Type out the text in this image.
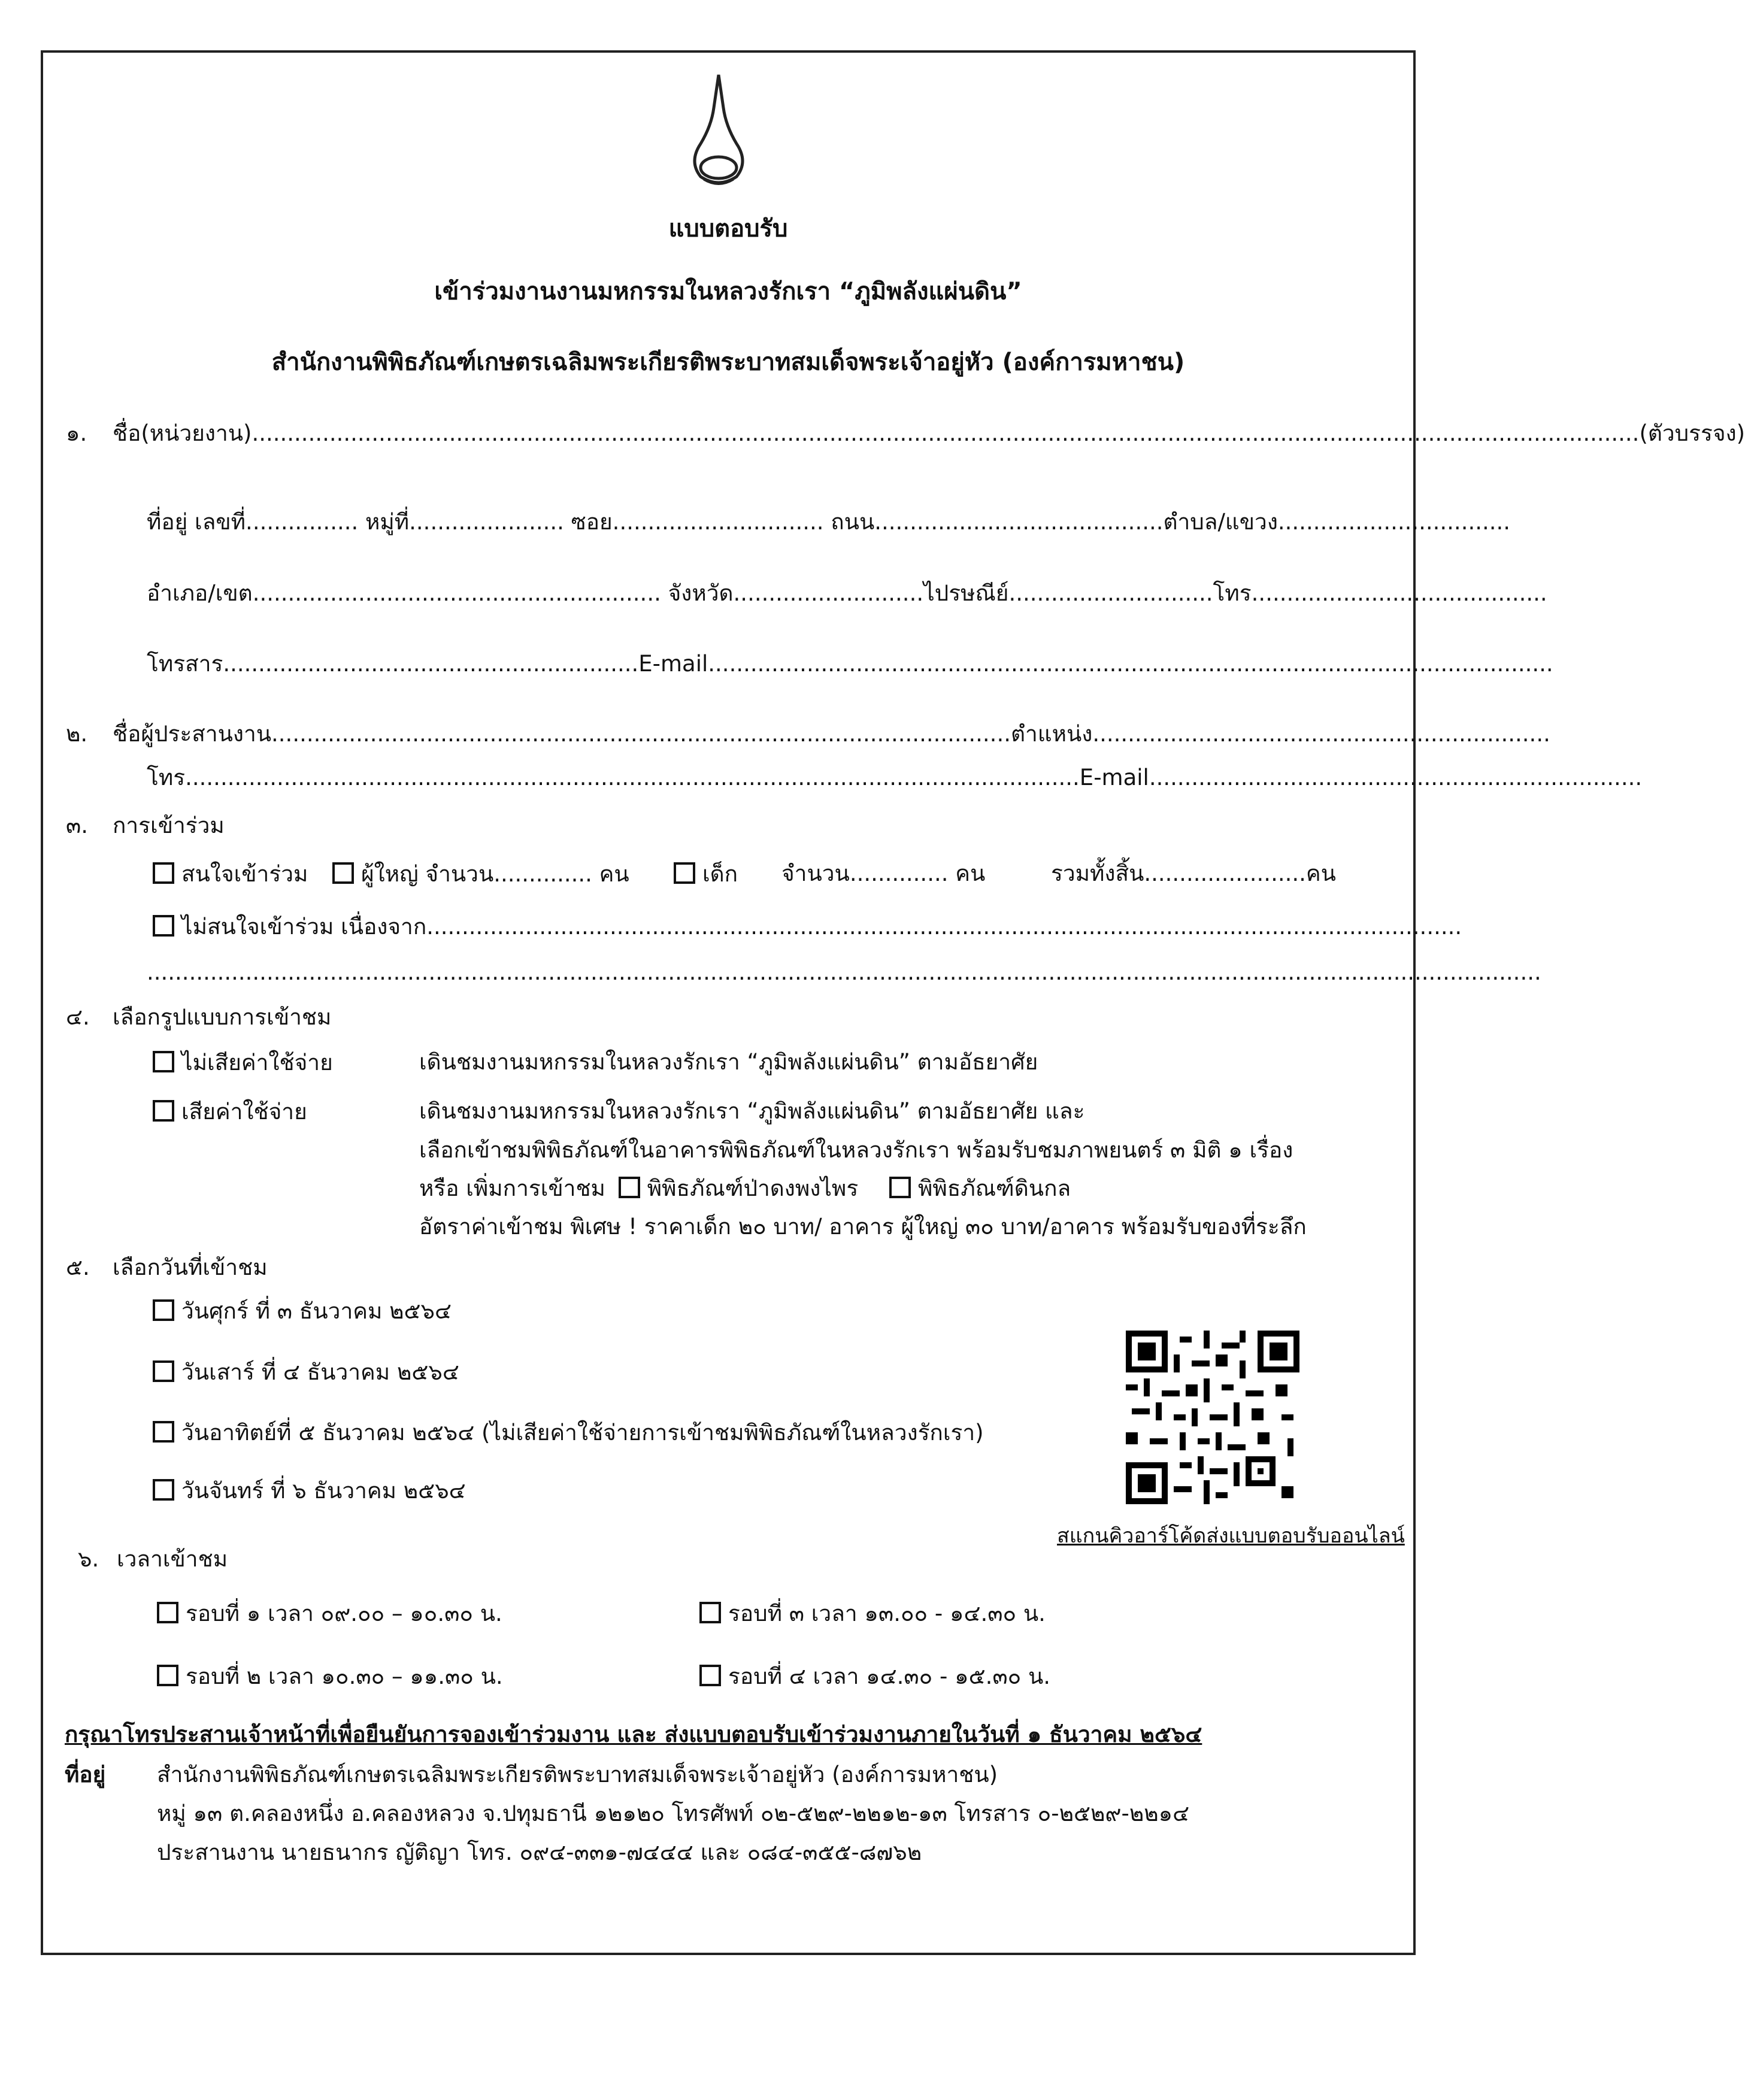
แบบตอบรับ
เข้าร่วมงานงานมหกรรมในหลวงรักเรา “ภูมิพลังแผ่นดิน”
สำนักงานพิพิธภัณฑ์เกษตรเฉลิมพระเกียรติพระบาทสมเด็จพระเจ้าอยู่หัว (องค์การมหาชน)
๑. ชื่อ(หน่วยงาน).....................................................................................................................................................................................................(ตัวบรรจง)
ที่อยู่ เลขที่................ หมู่ที่...................... ซอย.............................. ถนน.........................................ตำบล/แขวง.................................
อำเภอ/เขต.......................................................... จังหวัด...........................ไปรษณีย์.............................โทร..........................................
โทรสาร...........................................................E-mail........................................................................................................................
๒. ชื่อผู้ประสานงาน.........................................................................................................ตำแหน่ง.................................................................
โทร...............................................................................................................................E-mail......................................................................
๓. การเข้าร่วม
สนใจเข้าร่วม	ผู้ใหญ่ จำนวน.............. คน	เด็ก จำนวน.............. คน	รวมทั้งสิ้น.......................คน
ไม่สนใจเข้าร่วม เนื่องจาก...................................................................................................................................................
......................................................................................................................................................................................................
๔. เลือกรูปแบบการเข้าชม
ไม่เสียค่าใช้จ่าย	เดินชมงานมหกรรมในหลวงรักเรา “ภูมิพลังแผ่นดิน” ตามอัธยาศัย
เสียค่าใช้จ่าย	เดินชมงานมหกรรมในหลวงรักเรา “ภูมิพลังแผ่นดิน” ตามอัธยาศัย และ
เลือกเข้าชมพิพิธภัณฑ์ในอาคารพิพิธภัณฑ์ในหลวงรักเรา พร้อมรับชมภาพยนตร์ ๓ มิติ ๑ เรื่อง
หรือ เพิ่มการเข้าชม พิพิธภัณฑ์ป่าดงพงไพร	พิพิธภัณฑ์ดินกล
อัตราค่าเข้าชม พิเศษ ! ราคาเด็ก ๒๐ บาท/ อาคาร ผู้ใหญ่ ๓๐ บาท/อาคาร พร้อมรับของที่ระลึก
๕. เลือกวันที่เข้าชม
วันศุกร์ ที่ ๓ ธันวาคม ๒๕๖๔
วันเสาร์ ที่ ๔ ธันวาคม ๒๕๖๔
วันอาทิตย์ที่ ๕ ธันวาคม ๒๕๖๔ (ไม่เสียค่าใช้จ่ายการเข้าชมพิพิธภัณฑ์ในหลวงรักเรา)
วันจันทร์ ที่ ๖ ธันวาคม ๒๕๖๔
สแกนคิวอาร์โค้ดส่งแบบตอบรับออนไลน์
๖. เวลาเข้าชม
รอบที่ ๑ เวลา ๐๙.๐๐ – ๑๐.๓๐ น.	รอบที่ ๓ เวลา ๑๓.๐๐ - ๑๔.๓๐ น.
รอบที่ ๒ เวลา ๑๐.๓๐ – ๑๑.๓๐ น.	รอบที่ ๔ เวลา ๑๔.๓๐ - ๑๕.๓๐ น.
กรุณาโทรประสานเจ้าหน้าที่เพื่อยืนยันการจองเข้าร่วมงาน และ ส่งแบบตอบรับเข้าร่วมงานภายในวันที่ ๑ ธันวาคม ๒๕๖๔
ที่อยู่ สำนักงานพิพิธภัณฑ์เกษตรเฉลิมพระเกียรติพระบาทสมเด็จพระเจ้าอยู่หัว (องค์การมหาชน)
หมู่ ๑๓ ต.คลองหนึ่ง อ.คลองหลวง จ.ปทุมธานี ๑๒๑๒๐ โทรศัพท์ ๐๒-๕๒๙-๒๒๑๒-๑๓ โทรสาร ๐-๒๕๒๙-๒๒๑๔
ประสานงาน นายธนากร ญัติญา โทร. ๐๙๔-๓๓๑-๗๔๔๔ และ ๐๘๔-๓๕๕-๘๗๖๒
